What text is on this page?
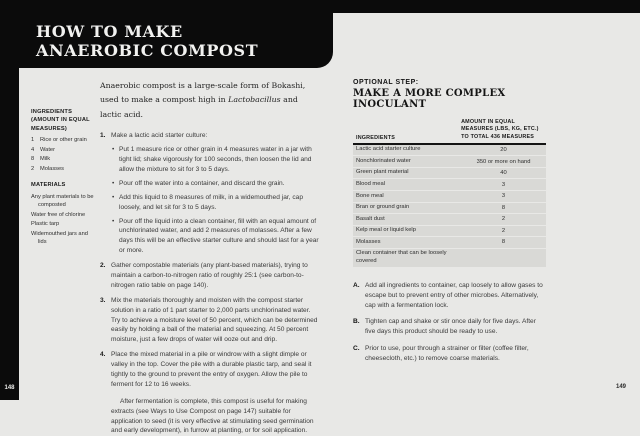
148
HOW TO MAKE
ANAEROBIC COMPOST
INGREDIENTS (AMOUNT IN EQUAL MEASURES)
1	Rice or other grain
4	Water
8	Milk
2	Molasses
MATERIALS
Any plant materials to be composted
Water free of chlorine
Plastic tarp
Widemouthed jars and lids

Anaerobic compost is a large-scale form of Bokashi, used to make a compost high in Lactobacillus and lactic acid.

1. Make a lactic acid starter culture:
• Put 1 measure rice or other grain in 4 measures water in a jar with tight lid; shake vigorously for 100 seconds, then loosen the lid and allow the mixture to sit for 3 to 5 days.
• Pour off the water into a container, and discard the grain.
• Add this liquid to 8 measures of milk, in a widemouthed jar, cap loosely, and let sit for 3 to 5 days.
• Pour off the liquid into a clean container, fill with an equal amount of unchlorinated water, and add 2 measures of molasses. After a few days this will be an effective starter culture and should last for a year or more.
2. Gather compostable materials (any plant-based materials), trying to maintain a carbon-to-nitrogen ratio of roughly 25:1 (see carbon-to-nitrogen ratio table on page 140).
3. Mix the materials thoroughly and moisten with the compost starter solution in a ratio of 1 part starter to 2,000 parts unchlorinated water. Try to achieve a moisture level of 50 percent, which can be determined easily by holding a ball of the material and squeezing. At 50 percent moisture, just a few drops of water will ooze out and drip.
4. Place the mixed material in a pile or windrow with a slight dimple or valley in the top. Cover the pile with a durable plastic tarp, and seal it tightly to the ground to prevent the entry of oxygen. Allow the pile to ferment for 12 to 16 weeks.

After fermentation is complete, this compost is useful for making extracts (see Ways to Use Compost on page 147) suitable for application to seed (it is very effective at stimulating seed germination and early development), in furrow at planting, or for soil application.

OPTIONAL STEP:
MAKE A MORE COMPLEX INOCULANT
INGREDIENTS
AMOUNT IN EQUAL MEASURES (LBS, KG, ETC.) TO TOTAL 436 MEASURES
Lactic acid starter culture	20
Nonchlorinated water	350 or more on hand
Green plant material	40
Blood meal	3
Bone meal	3
Bran or ground grain	8
Basalt dust	2
Kelp meal or liquid kelp	2
Molasses	8
Clean container that can be loosely covered
A. Add all ingredients to container, cap loosely to allow gases to escape but to prevent entry of other microbes. Alternatively, cap with a fermentation lock.
B. Tighten cap and shake or stir once daily for five days. After five days this product should be ready to use.
C. Prior to use, pour through a strainer or filter (coffee filter, cheesecloth, etc.) to remove coarse materials.
149
